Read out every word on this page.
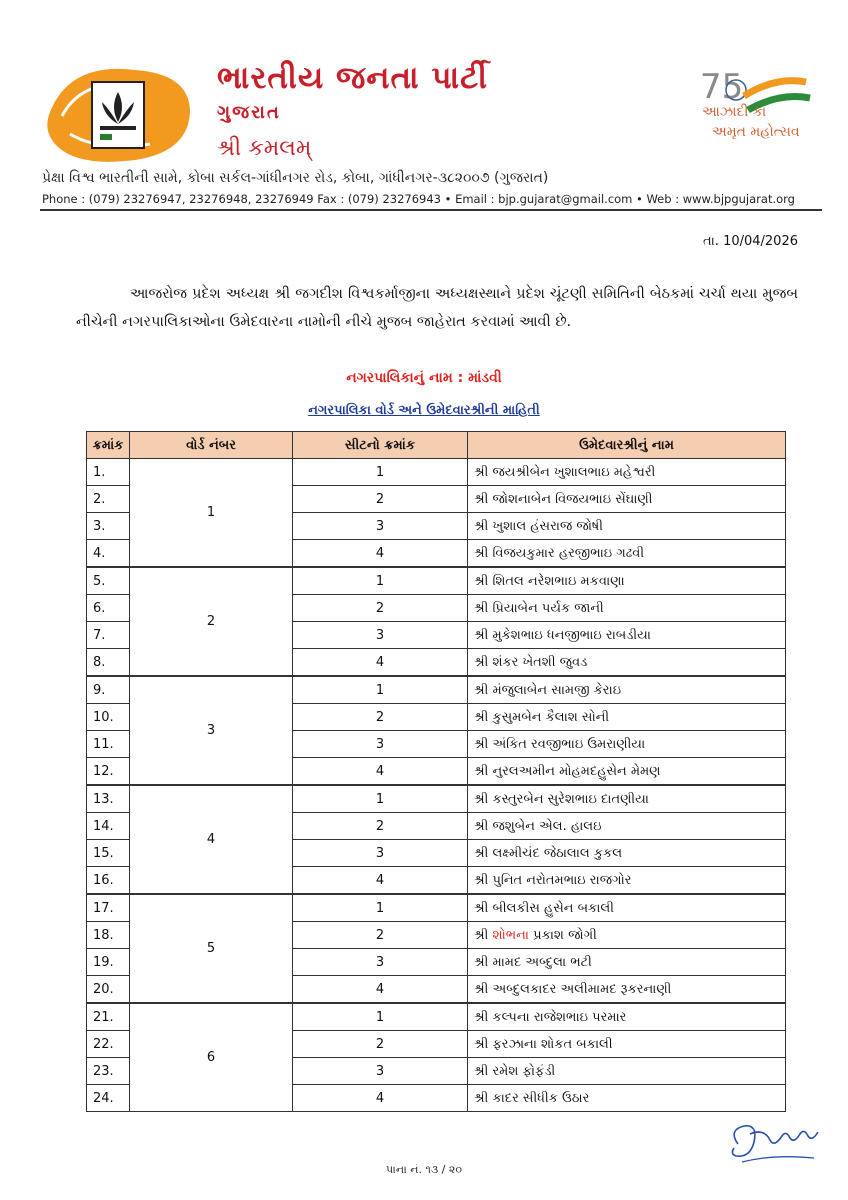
ભારતીય જનતા પાર્ટી
ગુજરાત
શ્રી કમલમ્
75
આઝાદી કા
અમૃત મહોત્સવ
પ્રેક્ષા વિશ્વ ભારતીની સામે, કોબા સર્કલ-ગાંધીનગર રોડ, કોબા, ગાંધીનગર-૩૮૨૦૦૭ (ગુજરાત)
Phone : (079) 23276947, 23276948, 23276949 Fax : (079) 23276943 • Email : bjp.gujarat@gmail.com • Web : www.bjpgujarat.org
તા. 10/04/2026
આજરોજ પ્રદેશ અધ્યક્ષ શ્રી જગદીશ વિશ્વકર્માજીના અધ્યક્ષસ્થાને પ્રદેશ ચૂંટણી સમિતિની બેઠકમાં ચર્ચા થયા મુજબ નીચેની નગરપાલિકાઓના ઉમેદવારના નામોની નીચે મુજબ જાહેરાત કરવામાં આવી છે.
નગરપાલિકાનું નામ : માંડવી
નગરપાલિકા વોર્ડ અને ઉમેદવારશ્રીની માહિતી
ક્રમાંક	વોર્ડ નંબર	સીટનો ક્રમાંક	ઉમેદવારશ્રીનું નામ
1.	1	1	શ્રી જયશ્રીબેન ખુશાલભાઇ મહેશ્વરી
2.		2	શ્રી જોશનાબેન વિજયભાઇ સેંઘાણી
3.		3	શ્રી ખુશાલ હંસરાજ જોષી
4.		4	શ્રી વિજયકુમાર હરજીભાઇ ગઢવી
5.	2	1	શ્રી શિતલ નરેશભાઇ મકવાણા
6.		2	શ્રી પ્રિયાબેન પર્યક જાની
7.		3	શ્રી મુકેશભાઇ ધનજીભાઇ રાબડીયા
8.		4	શ્રી શંકર ખેતશી જુવડ
9.	3	1	શ્રી મંજુલાબેન સામજી કેરાઇ
10.		2	શ્રી કુસુમબેન કૈલાશ સોની
11.		3	શ્રી અંકિત રવજીભાઇ ઉમરાણીયા
12.		4	શ્રી નુરલઅમીન મોહમદહુસેન મેમણ
13.	4	1	શ્રી કસ્તુરબેન સુરેશભાઇ દાતણીયા
14.		2	શ્રી જશુબેન એલ. હાલઇ
15.		3	શ્રી લક્ષ્મીચંદ જેઠાલાલ કુકલ
16.		4	શ્રી પુનિત નરોતમભાઇ રાજગોર
17.	5	1	શ્રી બીલકીસ હુસેન બકાલી
18.		2	શ્રી શોભના પ્રકાશ જોગી
19.		3	શ્રી મામદ અબ્દુલા ભટી
20.		4	શ્રી અબ્દુલકાદર અલીમામદ રૂકરનાણી
21.	6	1	શ્રી કલ્પના રાજેશભાઇ પરમાર
22.		2	શ્રી ફરઝાના શોકત બકાલી
23.		3	શ્રી રમેશ ફોફંડી
24.		4	શ્રી કાદર સીધીક ઉઠાર
પાના નં. ૧૩ / ૨૦
